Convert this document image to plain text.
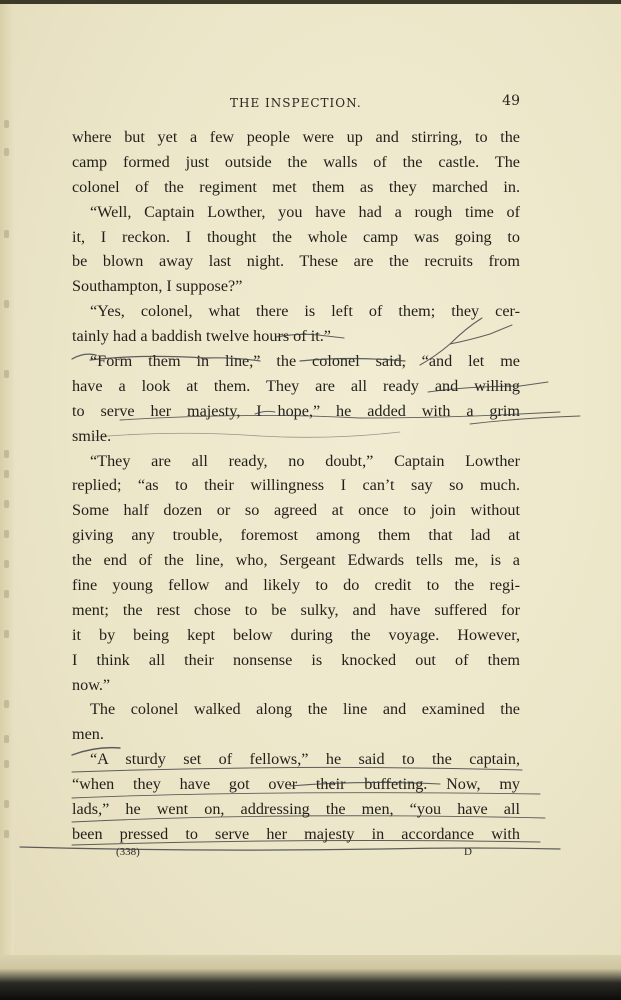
THE INSPECTION.	49
where but yet a few people were up and stirring, to the
camp formed just outside the walls of the castle. The
colonel of the regiment met them as they marched in.
“Well, Captain Lowther, you have had a rough time of
it, I reckon. I thought the whole camp was going to
be blown away last night. These are the recruits from
Southampton, I suppose?”
“Yes, colonel, what there is left of them; they cer-
tainly had a baddish twelve hours of it.”
“Form them in line,” the colonel said, “and let me
have a look at them. They are all ready and willing
to serve her majesty, I hope,” he added with a grim
smile.
“They are all ready, no doubt,” Captain Lowther
replied; “as to their willingness I can’t say so much.
Some half dozen or so agreed at once to join without
giving any trouble, foremost among them that lad at
the end of the line, who, Sergeant Edwards tells me, is a
fine young fellow and likely to do credit to the regi-
ment; the rest chose to be sulky, and have suffered for
it by being kept below during the voyage. However,
I think all their nonsense is knocked out of them
now.”
The colonel walked along the line and examined the
men.
“A sturdy set of fellows,” he said to the captain,
“when they have got over their buffeting. Now, my
lads,” he went on, addressing the men, “you have all
been pressed to serve her majesty in accordance with
(338)	D
